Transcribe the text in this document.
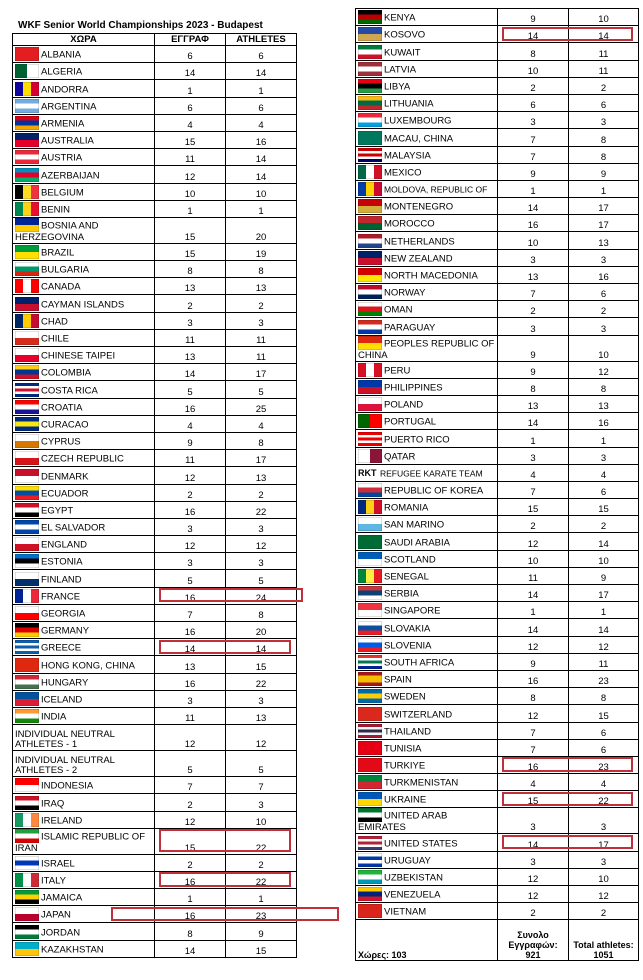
WKF Senior World Championships 2023 - Budapest
ΧΩΡΑ	ΕΓΓΡΑΦ	ATHLETES
ALBANIA	6	6
ALGERIA	14	14
ANDORRA	1	1
ARGENTINA	6	6
ARMENIA	4	4
AUSTRALIA	15	16
AUSTRIA	11	14
AZERBAIJAN	12	14
BELGIUM	10	10
BENIN	1	1
BOSNIA AND HERZEGOVINA	15	20
BRAZIL	15	19
BULGARIA	8	8
CANADA	13	13
CAYMAN ISLANDS	2	2
CHAD	3	3
CHILE	11	11
CHINESE TAIPEI	13	11
COLOMBIA	14	17
COSTA RICA	5	5
CROATIA	16	25
CURACAO	4	4
CYPRUS	9	8
CZECH REPUBLIC	11	17
DENMARK	12	13
ECUADOR	2	2
EGYPT	16	22
EL SALVADOR	3	3
ENGLAND	12	12
ESTONIA	3	3
FINLAND	5	5
FRANCE	16	24
GEORGIA	7	8
GERMANY	16	20
GREECE	14	14
HONG KONG, CHINA	13	15
HUNGARY	16	22
ICELAND	3	3
INDIA	11	13
INDIVIDUAL NEUTRAL ATHLETES - 1	12	12
INDIVIDUAL NEUTRAL ATHLETES - 2	5	5
INDONESIA	7	7
IRAQ	2	3
IRELAND	12	10
ISLAMIC REPUBLIC OF IRAN	15	22
ISRAEL	2	2
ITALY	16	22
JAMAICA	1	1
JAPAN	16	23
JORDAN	8	9
KAZAKHSTAN	14	15
KENYA	9	10
KOSOVO	14	14
KUWAIT	8	11
LATVIA	10	11
LIBYA	2	2
LITHUANIA	6	6
LUXEMBOURG	3	3
MACAU, CHINA	7	8
MALAYSIA	7	8
MEXICO	9	9
MOLDOVA, REPUBLIC OF	1	1
MONTENEGRO	14	17
MOROCCO	16	17
NETHERLANDS	10	13
NEW ZEALAND	3	3
NORTH MACEDONIA	13	16
NORWAY	7	6
OMAN	2	2
PARAGUAY	3	3
PEOPLES REPUBLIC OF CHINA	9	10
PERU	9	12
PHILIPPINES	8	8
POLAND	13	13
PORTUGAL	14	16
PUERTO RICO	1	1
QATAR	3	3
RKT REFUGEE KARATE TEAM	4	4
REPUBLIC OF KOREA	7	6
ROMANIA	15	15
SAN MARINO	2	2
SAUDI ARABIA	12	14
SCOTLAND	10	10
SENEGAL	11	9
SERBIA	14	17
SINGAPORE	1	1
SLOVAKIA	14	14
SLOVENIA	12	12
SOUTH AFRICA	9	11
SPAIN	16	23
SWEDEN	8	8
SWITZERLAND	12	15
THAILAND	7	6
TUNISIA	7	6
TURKIYE	16	23
TURKMENISTAN	4	4
UKRAINE	15	22
UNITED ARAB EMIRATES	3	3
UNITED STATES	14	17
URUGUAY	3	3
UZBEKISTAN	12	10
VENEZUELA	12	12
VIETNAM	2	2
Χώρες: 103	Συνολο Εγγραφών: 921	Total athletes: 1051
